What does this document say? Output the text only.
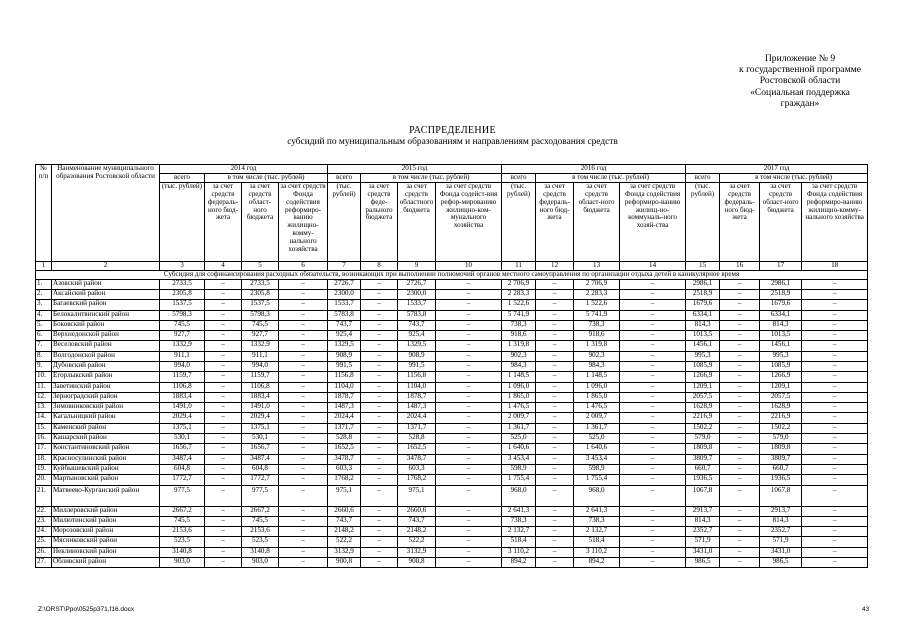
Приложение № 9
к государственной программе
Ростовской области
«Социальная поддержка
граждан»
РАСПРЕДЕЛЕНИЕ
субсидий по муниципальным образованиям и направлениям расходования средств
№ п/п	Наименование муниципального образования Ростовской области	2014 год				2015 год				2016 год				2017 год			
		всего	в том числе (тыс. рублей)			всего	в том числе (тыс. рублей)			всего	в том числе (тыс. рублей)			всего	в том числе (тыс. рублей)		
		(тыс. рублей)	за счет средств федераль-ного бюд-жета	за счет средств област-ного бюджета	за счет средств Фонда содействия реформиро-ванию жилищно-комму-нального хозяйства	(тыс. рублей)	за счет средств феде-рального бюджета	за счет средств областного бюджета	за счет средств Фонда содейст-вия рефор-мированию жилищно-ком-мунального хозяйства	(тыс. рублей)	за счет средств федераль-ного бюд-жета	за счет средств област-ного бюджета	за счет средств Фонда содействия реформиро-ванию жилищ-но-коммуналь-ного хозяй-ства	(тыс. рублей)	за счет средств федераль-ного бюд-жета	за счет средств област-ного бюджета	за счет средств Фонда содействия реформиро-ванию жилищно-комму-нального хозяйства
1	2	3	4	5	6	7	8	9	10	11	12	13	14	15	16	17	18
Субсидия для софинансирования расходных обязательств, возникающих при выполнении полномочий органов местного самоуправления по организации отдыха детей в каникулярное время																	
1.	Азовский район	2733,5	–	2733,5	–	2726,7	–	2726,7	–	2 706,9	–	2 706,9	–	2986,1	–	2986,1	–
2.	Аксайский район	2305,8	–	2305,8	–	2300,0	–	2300,0	–	2 283,3	–	2 283,3	–	2518,9	–	2518,9	–
3.	Багаевский район	1537,5	–	1537,5	–	1533,7	–	1533,7	–	1 522,6	–	1 522,6	–	1679,6	–	1679,6	–
4.	Белокалитвинский район	5798,3	–	5798,3	–	5783,8	–	5783,8	–	5 741,9	–	5 741,9	–	6334,1	–	6334,1	–
5.	Боковский район	745,5	–	745,5	–	743,7	–	743,7	–	738,3	–	738,3	–	814,3	–	814,3	–
6.	Верхнедонской район	927,7	–	927,7	–	925,4	–	925,4	–	918,6	–	918,6	–	1013,5	–	1013,5	–
7.	Веселовский район	1332,9	–	1332,9	–	1329,5	–	1329,5	–	1 319,8	–	1 319,8	–	1456,1	–	1456,1	–
8.	Волгодонской район	911,1	–	911,1	–	908,9	–	908,9	–	902,3	–	902,3	–	995,3	–	995,3	–
9.	Дубовский район	994,0	–	994,0	–	991,5	–	991,5	–	984,3	–	984,3	–	1085,9	–	1085,9	–
10.	Егорлыкский район	1159,7	–	1159,7	–	1156,8	–	1156,8	–	1 148,5	–	1 148,5	–	1266,9	–	1266,9	–
11.	Заветинский район	1106,8	–	1106,8	–	1104,0	–	1104,0	–	1 096,0	–	1 096,0	–	1209,1	–	1209,1	–
12.	Зерноградский район	1883,4	–	1883,4	–	1878,7	–	1878,7	–	1 865,0	–	1 865,0	–	2057,5	–	2057,5	–
13.	Зимовниковский район	1491,0	–	1491,0	–	1487,3	–	1487,3	–	1 476,5	–	1 476,5	–	1628,9	–	1628,9	–
14.	Кагальницкий район	2029,4	–	2029,4	–	2024,4	–	2024,4	–	2 009,7	–	2 009,7	–	2216,9	–	2216,9	–
15.	Каменский район	1375,1	–	1375,1	–	1371,7	–	1371,7	–	1 361,7	–	1 361,7	–	1502,2	–	1502,2	–
16.	Кашарский район	530,1	–	530,1	–	528,8	–	528,8	–	525,0	–	525,0	–	579,0	–	579,0	–
17.	Константиновский район	1656,7	–	1656,7	–	1652,5	–	1652,5	–	1 640,6	–	1 640,6	–	1809,8	–	1809,8	–
18.	Красносулинский район	3487,4	–	3487,4	–	3478,7	–	3478,7	–	3 453,4	–	3 453,4	–	3809,7	–	3809,7	–
19.	Куйбышевский район	604,8	–	604,8	–	603,3	–	603,3	–	598,9	–	598,9	–	660,7	–	660,7	–
20.	Мартыновский район	1772,7	–	1772,7	–	1768,2	–	1768,2	–	1 755,4	–	1 755,4	–	1936,5	–	1936,5	–
21.	Матвеево-Курганский район	977,5	–	977,5	–	975,1	–	975,1	–	968,0	–	968,0	–	1067,8	–	1067,8	–
22.	Миллеровский район	2667,2	–	2667,2	–	2660,6	–	2660,6	–	2 641,3	–	2 641,3	–	2913,7	–	2913,7	–
23.	Милютинский район	745,5	–	745,5	–	743,7	–	743,7	–	738,3	–	738,3	–	814,3	–	814,3	–
24.	Морозовский район	2153,6	–	2153,6	–	2148,2	–	2148,2	–	2 132,7	–	2 132,7	–	2352,7	–	2352,7	–
25.	Мясниковский район	523,5	–	523,5	–	522,2	–	522,2	–	518,4	–	518,4	–	571,9	–	571,9	–
26.	Неклиновский район	3140,8	–	3140,8	–	3132,9	–	3132,9	–	3 110,2	–	3 110,2	–	3431,0	–	3431,0	–
27.	Обливский район	903,0	–	903,0	–	900,8	–	900,8	–	894,2	–	894,2	–	986,5	–	986,5	–
Z:\ORST\Ppo\0525p371.f16.docx	43
